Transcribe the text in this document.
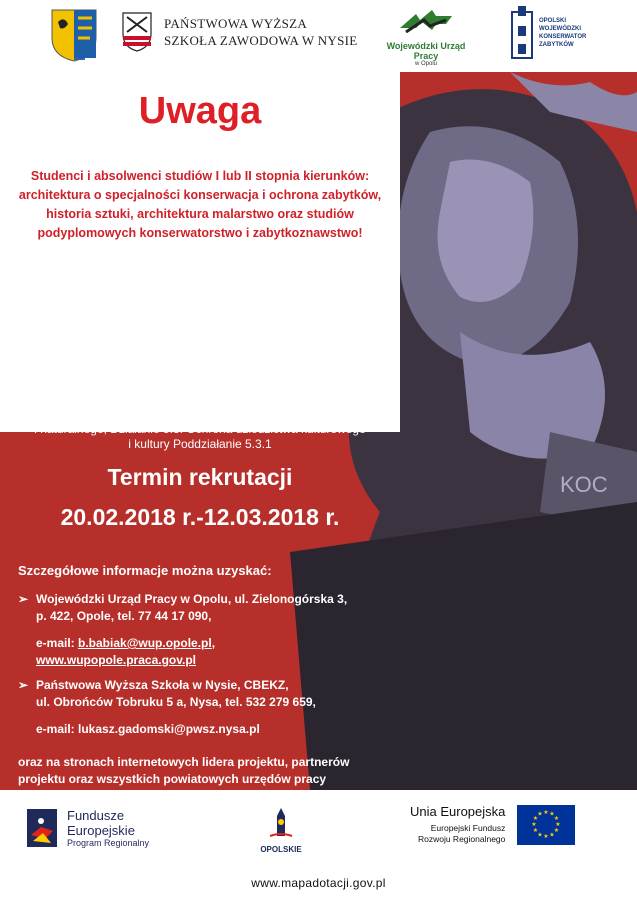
PAŃSTWOWA WYŻSZA
SZKOŁA ZAWODOWA W NYSIE	Wojewódzki Urząd Pracy
w Opolu
OPOLSKI
WOJEWÓDZKI
KONSERWATOR
ZABYTKÓW
KOC
Uwaga
Studenci i absolwenci studiów I lub II stopnia kierunków:
architektura o specjalności konserwacja i ochrona zabytków,
historia sztuki, architektura malarstwo oraz studiów
podyplomowych konserwatorstwo i zabytkoznawstwo!
Lider projektu Gmina Pokój oraz partnerzy: Państwowa Wyższa
Szkoła w Nysie i Wojewódzki Urząd Pracy w Opolu informują
o przedłużeniu terminu rekrutacji uczestników do projektu
„Zachowanie dziedzictwa kulturowego i historycznego
poprzez rewaloryzację obiektów zabytkowych w Pokoju
i działania edukacyjno informacyjne w województwie
opolskim”
nr umowy RPOP.05.03.01-16-0024/16-00 z 6.10.2017 r.
realizowanego w ramach RPO WO 2014-2020,
Oś priorytetowa V Ochrona środowiska, dziedzictwa kulturowego
i naturalnego, Działanie 5.3. Ochrona dziedzictwa kulturowego
i kultury Poddziałanie 5.3.1
Termin rekrutacji
20.02.2018 r.-12.03.2018 r.
Szczegółowe informacje można uzyskać:
➢ Wojewódzki Urząd Pracy w Opolu, ul. Zielonogórska 3,
p. 422, Opole, tel. 77 44 17 090,
e-mail: b.babiak@wup.opole.pl,
www.wupopole.praca.gov.pl
➢ Państwowa Wyższa Szkoła w Nysie, CBEKZ,
ul. Obrońców Tobruku 5 a, Nysa, tel. 532 279 659,
e-mail: lukasz.gadomski@pwsz.nysa.pl
oraz na stronach internetowych lidera projektu, partnerów
projektu oraz wszystkich powiatowych urzędów pracy
Fundusze
Europejskie
Program Regionalny
OPOLSKIE
Unia Europejska
Europejski Fundusz
Rozwoju Regionalnego
★ ★
★
★
★
★
★
★
★
★
★
★
www.mapadotacji.gov.pl
